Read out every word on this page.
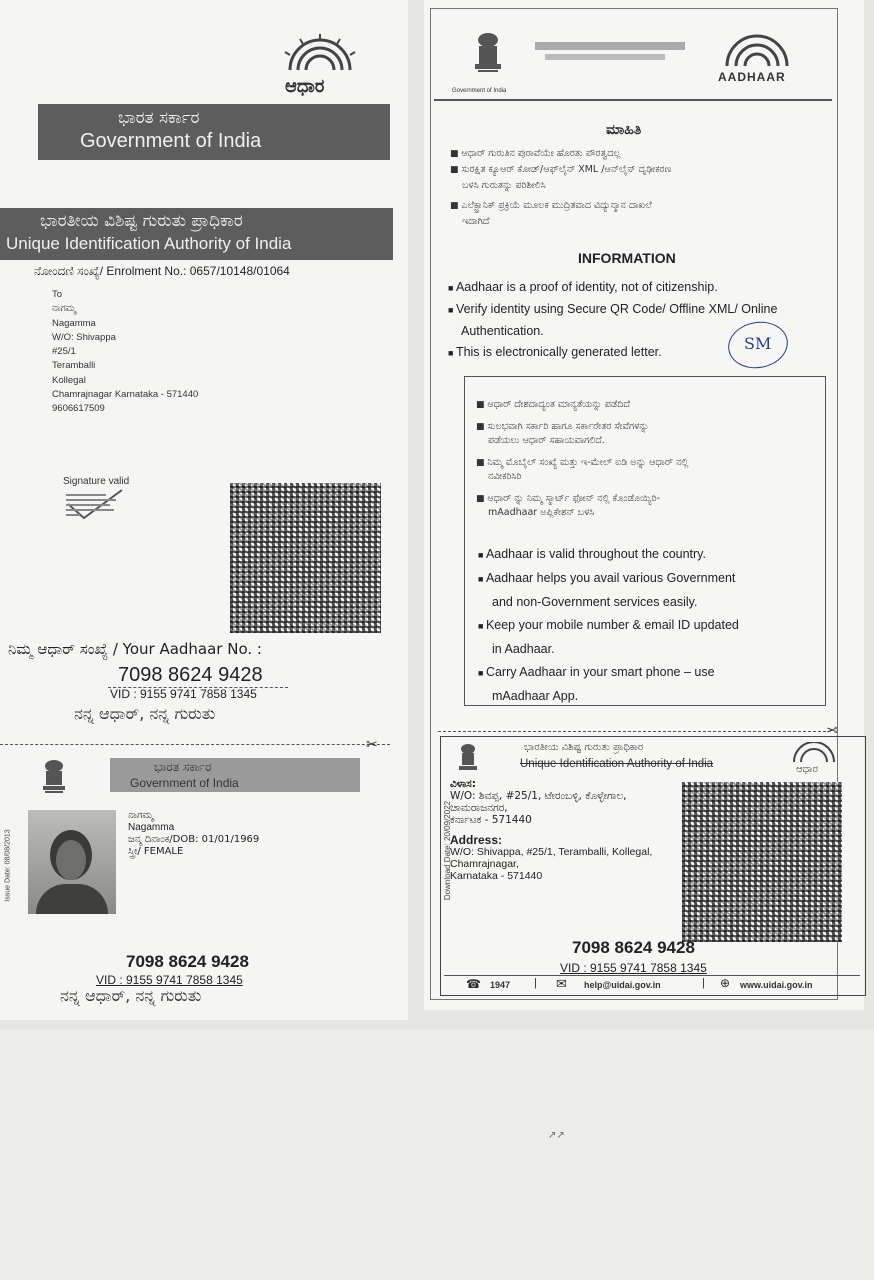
ಆಧಾರ
ಭಾರತ ಸರ್ಕಾರ
Government of India
ಭಾರತೀಯ ವಿಶಿಷ್ಟ ಗುರುತು ಪ್ರಾಧಿಕಾರ
Unique Identification Authority of India
ನೋಂದಣಿ ಸಂಖ್ಯೆ/ Enrolment No.: 0657/10148/01064
To
ನಾಗಮ್ಮ
Nagamma
W/O: Shivappa
#25/1
Teramballi
Kollegal
Chamrajnagar Karnataka - 571440
9606617509
Signature valid
ನಿಮ್ಮ ಆಧಾರ್ ಸಂಖ್ಯೆ / Your Aadhaar No. :
7098 8624 9428
VID : 9155 9741 7858 1345
ನನ್ನ ಆಧಾರ್, ನನ್ನ ಗುರುತು
✂
ಭಾರತ ಸರ್ಕಾರ
Government of India
Issue Date: 08/08/2013
ನಾಗಮ್ಮ
Nagamma
ಜನ್ಮ ದಿನಾಂಕ/DOB: 01/01/1969
ಸ್ತ್ರೀ/ FEMALE
7098 8624 9428
VID : 9155 9741 7858 1345
ನನ್ನ ಆಧಾರ್, ನನ್ನ ಗುರುತು
Government of India
AADHAAR
ಮಾಹಿತಿ
■ ಆಧಾರ್ ಗುರುತಿನ ಪುರಾವೆಯೇ ಹೊರತು ಪೌರತ್ವದಲ್ಲ
■ ಸುರಕ್ಷಿತ ಕ್ಯೂಆರ್ ಕೋಡ್/ಆಫ್‌ಲೈನ್ XML /ಆನ್‌ಲೈನ್ ದೃಢೀಕರಣ
ಬಳಸಿ ಗುರುತನ್ನು ಪರಿಶೀಲಿಸಿ
■ ಎಲೆಕ್ಟ್ರಾನಿಕ್ ಪ್ರಕ್ರಿಯೆ ಮೂಲಕ ಮುದ್ರಿತವಾದ ವಿದ್ಯುನ್ಮಾನ ದಾಖಲೆ
ಇದಾಗಿದೆ
INFORMATION
■ Aadhaar is a proof of identity, not of citizenship.
■ Verify identity using Secure QR Code/ Offline XML/ Online
Authentication.
■ This is electronically generated letter.	SM
■ ಆಧಾರ್ ದೇಶದಾದ್ಯಂತ ಮಾನ್ಯತೆಯನ್ನು ಪಡೆದಿದೆ
■ ಸುಲಭವಾಗಿ ಸರ್ಕಾರಿ ಹಾಗೂ ಸರ್ಕಾರೇತರ ಸೇವೆಗಳನ್ನು
ಪಡೆಯಲು ಆಧಾರ್ ಸಹಾಯವಾಗಲಿದೆ.
■ ನಿಮ್ಮ ಮೊಬೈಲ್ ಸಂಖ್ಯೆ ಮತ್ತು ಇ-ಮೇಲ್ ಐಡಿ ಅನ್ನು ಆಧಾರ್ ನಲ್ಲಿ
ನವೀಕರಿಸಿರಿ
■ ಆಧಾರ್ ನ್ನು ನಿಮ್ಮ ಸ್ಮಾರ್ಟ್ ಫೋನ್ ನಲ್ಲಿ ಕೊಂಡೊಯ್ಯಿರಿ-
mAadhaar ಅಪ್ಲಿಕೇಶನ್ ಬಳಸಿ
■ Aadhaar is valid throughout the country.
■ Aadhaar helps you avail various Government
and non-Government services easily.
■ Keep your mobile number & email ID updated
in Aadhaar.
■ Carry Aadhaar in your smart phone – use
mAadhaar App.
✂
ಭಾರತೀಯ ವಿಶಿಷ್ಟ ಗುರುತು ಪ್ರಾಧಿಕಾರ
Unique Identification Authority of India	ಆಧಾರ
Download Date: 20/09/2022
ವಿಳಾಸ:
W/O: ಶಿವಪ್ಪ, #25/1, ಟೇರಂಬಳ್ಳಿ, ಕೊಳ್ಳೇಗಾಲ,
ಚಾಮರಾಜನಗರ,
ಕರ್ನಾಟಕ - 571440
Address:
W/O: Shivappa, #25/1, Teramballi, Kollegal,
Chamrajnagar,
Karnataka - 571440
7098 8624 9428
VID : 9155 9741 7858 1345
☎ 1947 | ✉ help@uidai.gov.in	| ⊕ www.uidai.gov.in
↗↗
